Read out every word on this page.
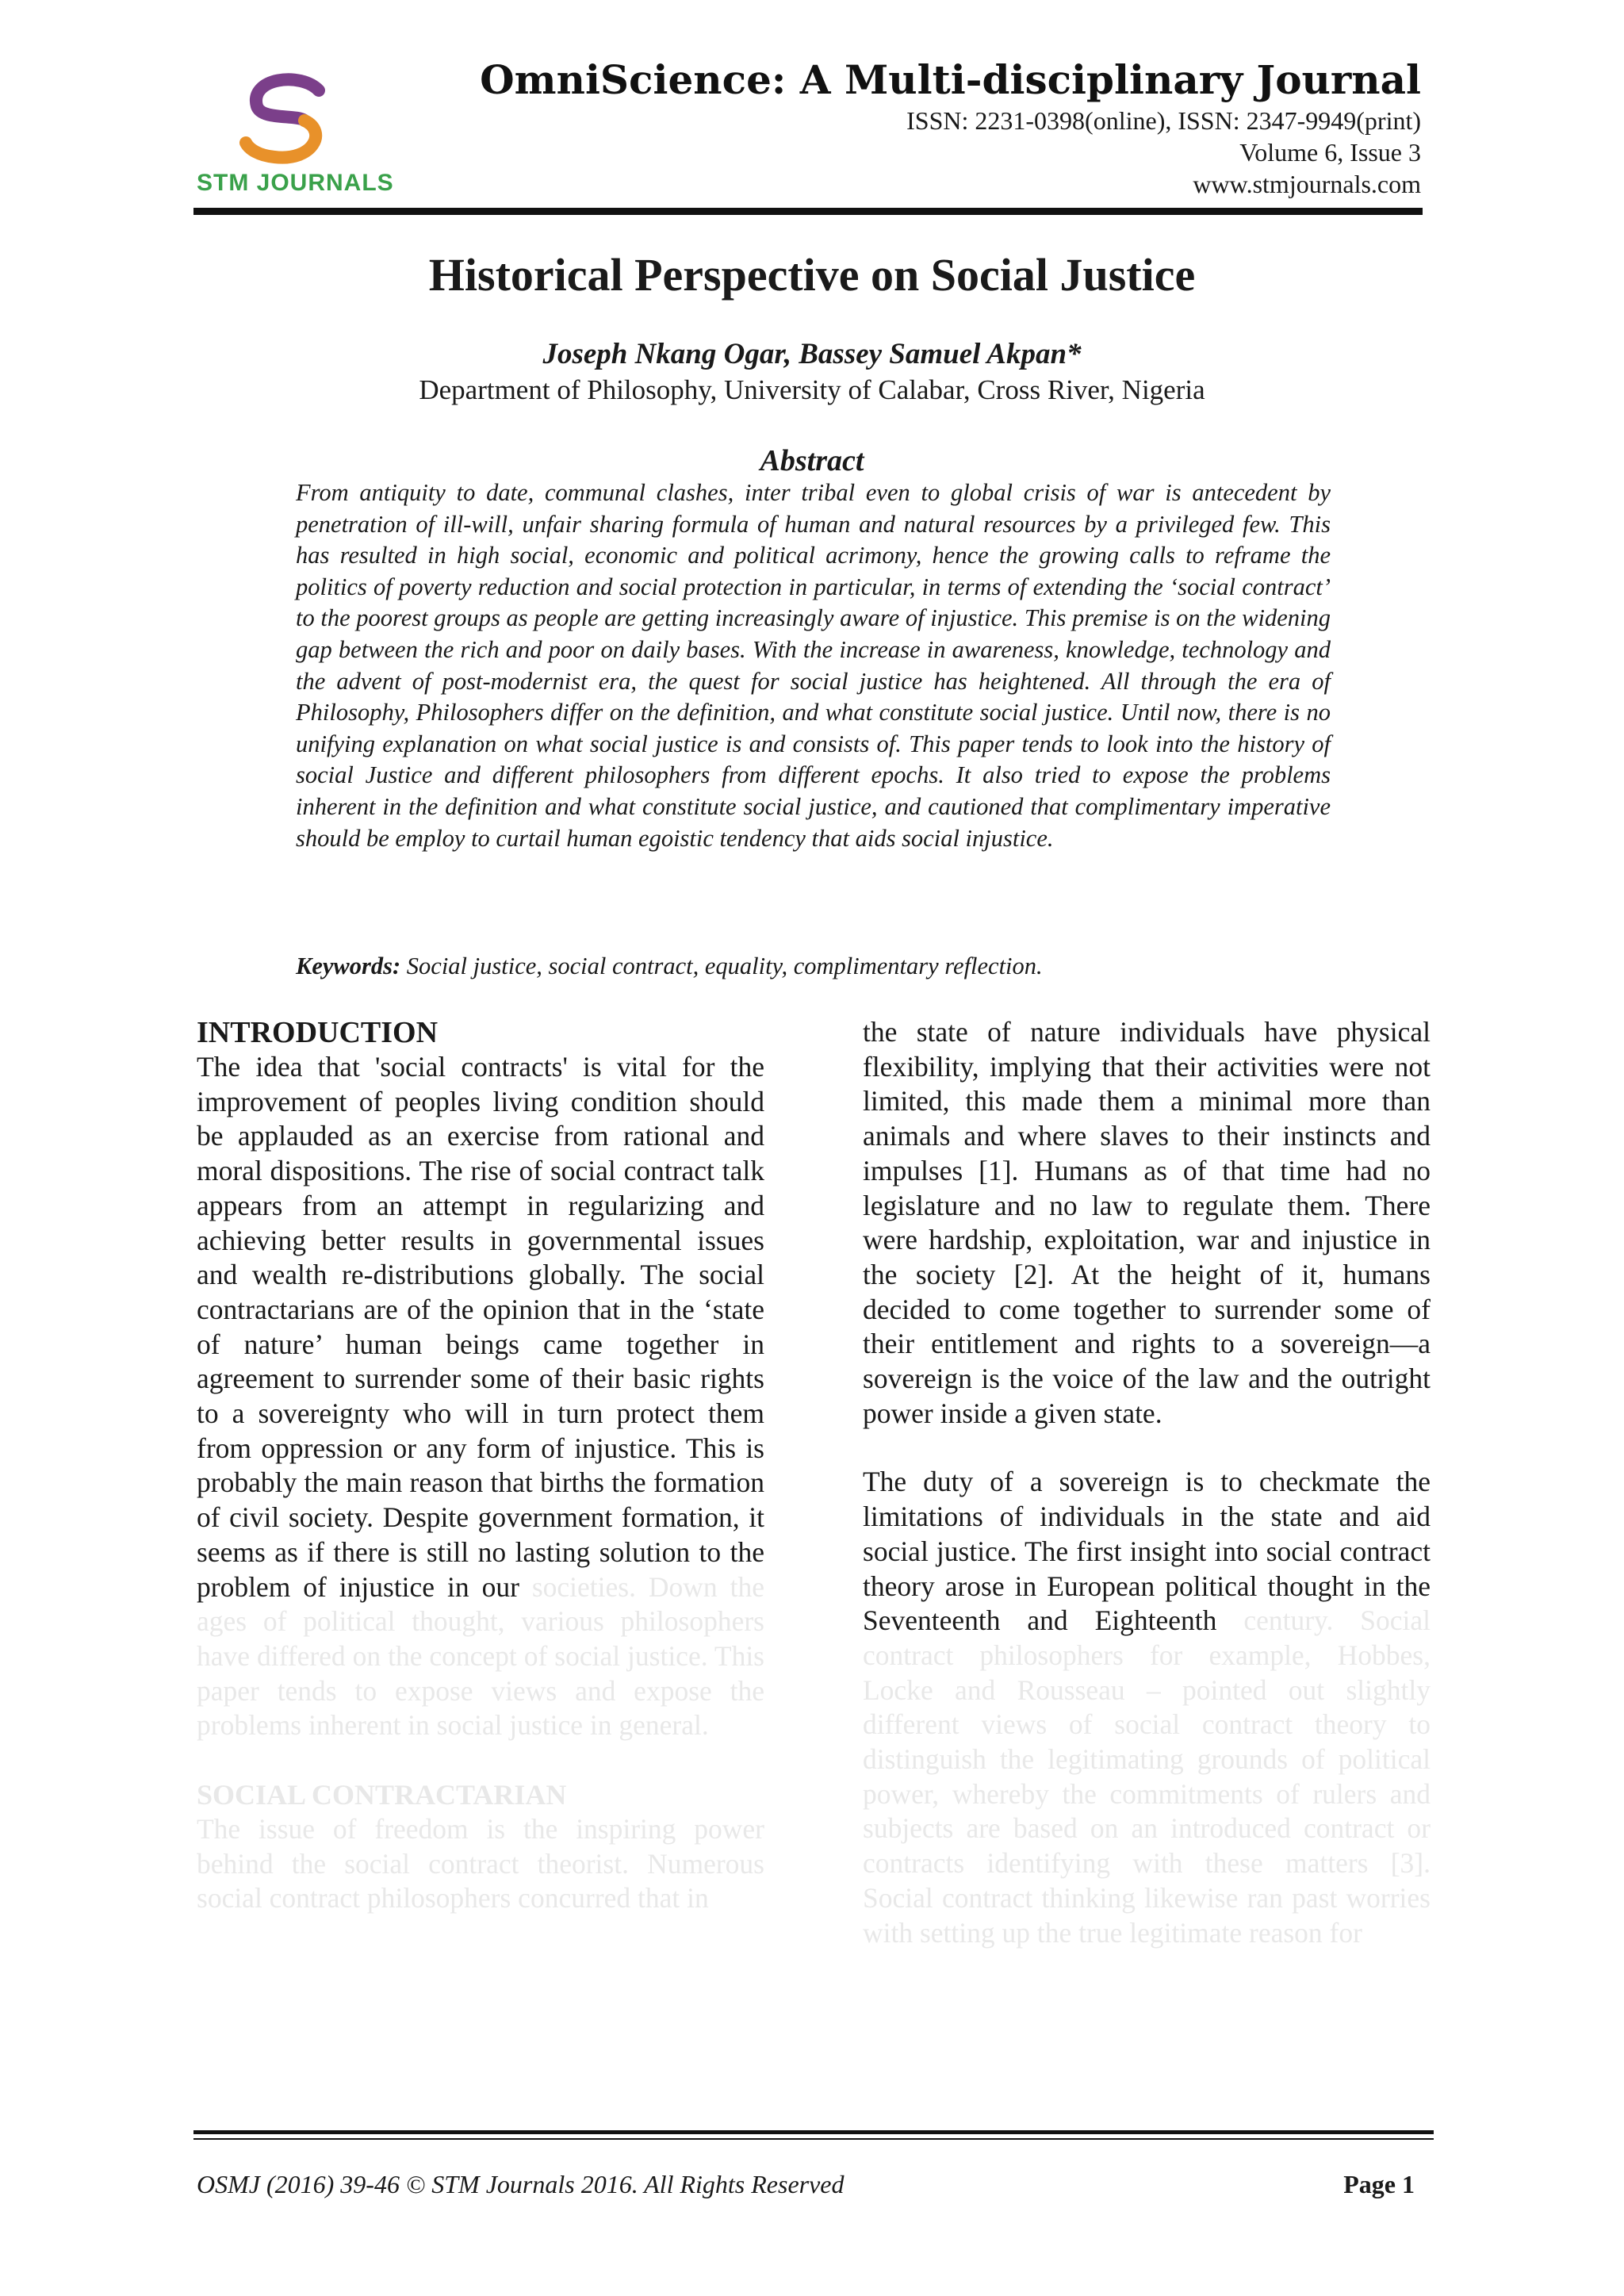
STM JOURNALS
OmniScience: A Multi-disciplinary Journal
ISSN: 2231-0398(online), ISSN: 2347-9949(print)
Volume 6, Issue 3
www.stmjournals.com
Historical Perspective on Social Justice
Joseph Nkang Ogar, Bassey Samuel Akpan*
Department of Philosophy, University of Calabar, Cross River, Nigeria
Abstract

From antiquity to date, communal clashes, inter tribal even to global crisis of war is antecedent by penetration of ill-will, unfair sharing formula of human and natural resources by a privileged few. This has resulted in high social, economic and political acrimony, hence the growing calls to reframe the politics of poverty reduction and social protection in particular, in terms of extending the ‘social contract’ to the poorest groups as people are getting increasingly aware of injustice. This premise is on the widening gap between the rich and poor on daily bases. With the increase in awareness, knowledge, technology and the advent of post-modernist era, the quest for social justice has heightened. All through the era of Philosophy, Philosophers differ on the definition, and what constitute social justice. Until now, there is no unifying explanation on what social justice is and consists of. This paper tends to look into the history of social Justice and different philosophers from different epochs. It also tried to expose the problems inherent in the definition and what constitute social justice, and cautioned that complimentary imperative should be employ to curtail human egoistic tendency that aids social injustice.

Keywords: Social justice, social contract, equality, complimentary reflection.

INTRODUCTION

The idea that 'social contracts' is vital for the improvement of peoples living condition should be applauded as an exercise from rational and moral dispositions. The rise of social contract talk appears from an attempt in regularizing and achieving better results in governmental issues and wealth re-distributions globally. The social contractarians are of the opinion that in the ‘state of nature’ human beings came together in agreement to surrender some of their basic rights to a sovereignty who will in turn protect them from oppression or any form of injustice. This is probably the main reason that births the formation of civil society. Despite government formation, it seems as if there is still no lasting solution to the problem of injustice in our societies. Down the ages of political thought, various philosophers have differed on the concept of social justice. This paper tends to expose views and expose the problems inherent in social justice in general.

SOCIAL CONTRACTARIAN

The issue of freedom is the inspiring power behind the social contract theorist. Numerous social contract philosophers concurred that in

the state of nature individuals have physical flexibility, implying that their activities were not limited, this made them a minimal more than animals and where slaves to their instincts and impulses [1]. Humans as of that time had no legislature and no law to regulate them. There were hardship, exploitation, war and injustice in the society [2]. At the height of it, humans decided to come together to surrender some of their entitlement and rights to a sovereign—a sovereign is the voice of the law and the outright power inside a given state.

The duty of a sovereign is to checkmate the limitations of individuals in the state and aid social justice. The first insight into social contract theory arose in European political thought in the Seventeenth and Eighteenth century. Social contract philosophers for example, Hobbes, Locke and Rousseau – pointed out slightly different views of social contract theory to distinguish the legitimating grounds of political power, whereby the commitments of rulers and subjects are based on an introduced contract or contracts identifying with these matters [3]. Social contract thinking likewise ran past worries with setting up the true legitimate reason for

OSMJ (2016) 39-46 © STM Journals 2016. All Rights Reserved	Page 1
